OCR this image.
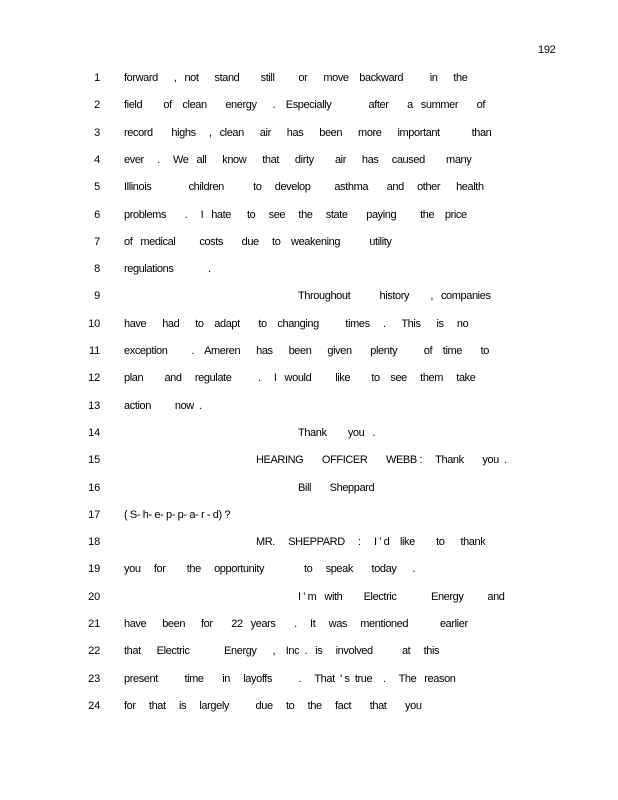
192
1 forward      ,   not      stand        still         or      move    backward          in      the
2 field        of    clean       energy      .    Especially              after       a   summer       of
3 record       highs     ,   clean      air      has      been      more      important            than
4 ever     .     We   all      know      that      dirty        air      has     caused        many
5 Illinois              children           to     develop         asthma       and     other      health
6 problems       .     I   hate      to     see     the     state       paying         the    price
7 of   medical         costs       due     to    weakening           utility
8 regulations             .
9	Throughout           history        ,   companies
10 have      had      to    adapt       to    changing          times     .      This      is     no
11 exception         .    Ameren      has      been      given       plenty          of    time       to
12 plan        and     regulate          .     I   would         like        to    see     them     take
13 action         now  .
14	Thank        you   .
15	HEARING       OFFICER       WEBB :     Thank       you  .
16	Bill       Sheppard
17 ( S- h- e- p- p- a- r - d) ?
18	MR.     SHEPPARD     :     I ' d    like        to      thank
19 you     for        the     opportunity               to     speak       today      .
20	I ' m   with        Electric             Energy         and
21 have      been      for       22   years       .     It     was     mentioned            earlier
22 that      Electric             Energy      ,    Inc  .   is     involved           at     this
23 present          time       in     layoffs          .     That  ' s  true    .     The   reason
24 for     that     is     largely          due     to     the     fact       that       you
